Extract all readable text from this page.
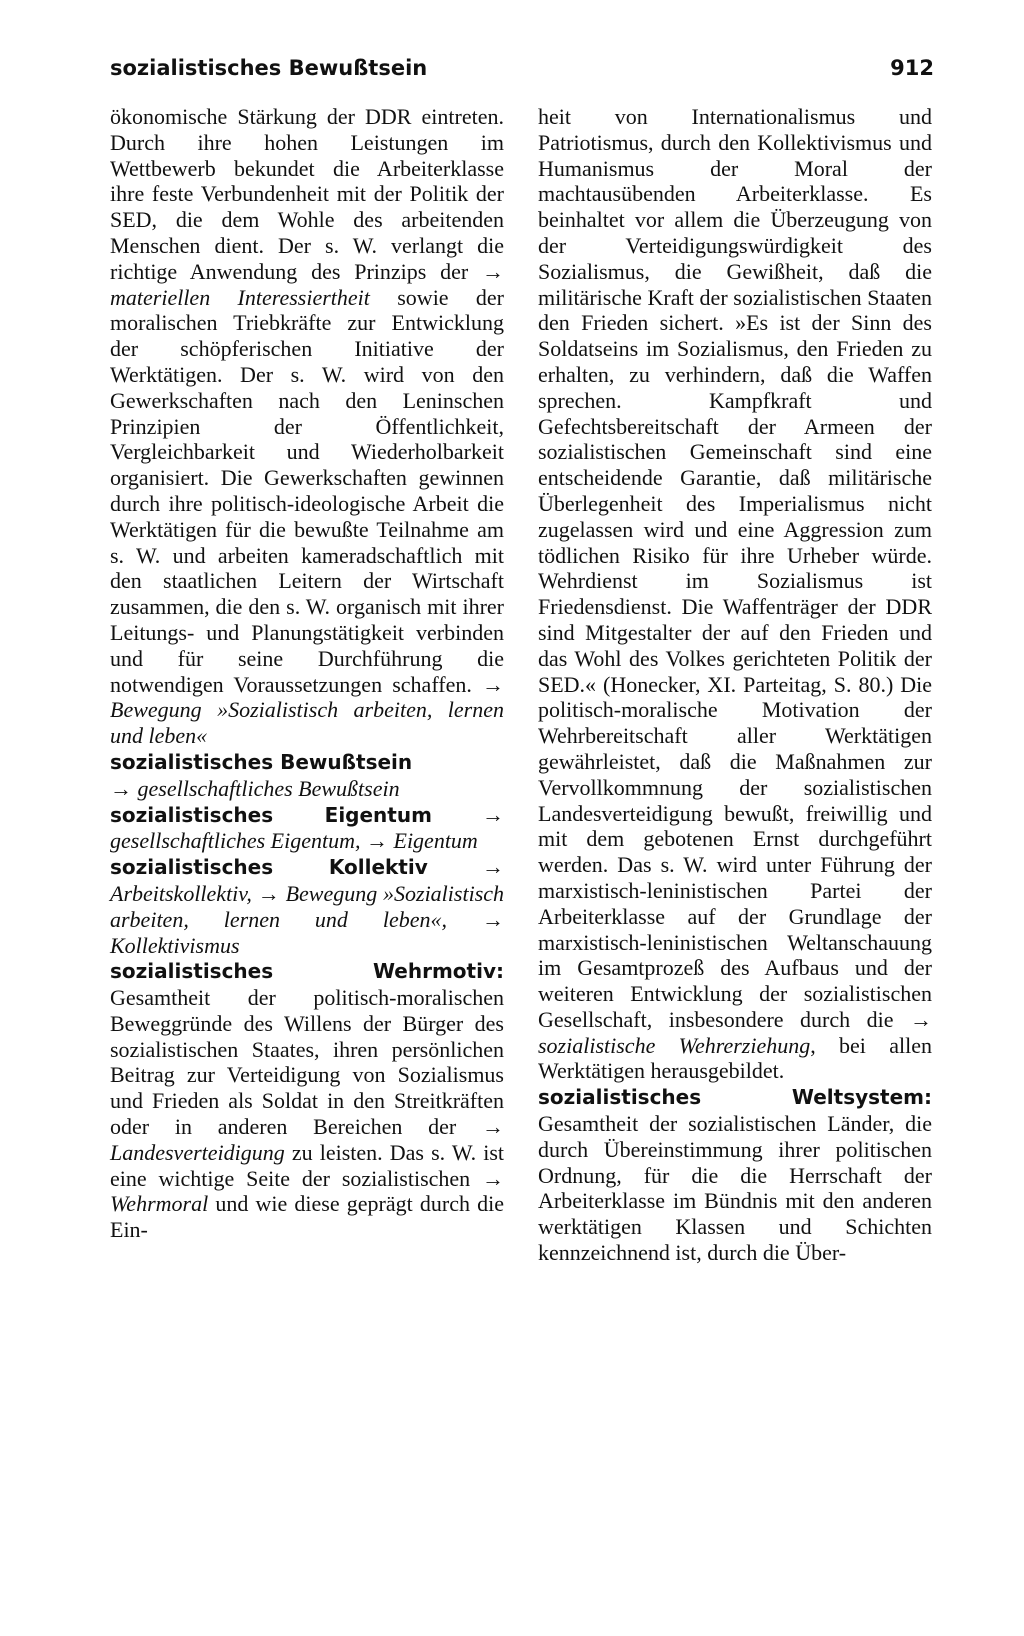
sozialistisches Bewußtsein	912

ökonomische Stärkung der DDR eintreten. Durch ihre hohen Leistungen im Wettbewerb bekundet die Arbeiterklasse ihre feste Verbundenheit mit der Politik der SED, die dem Wohle des arbeitenden Menschen dient. Der s. W. verlangt die richtige Anwendung des Prinzips der → materiellen Interessiertheit sowie der moralischen Triebkräfte zur Entwicklung der schöpferischen Initiative der Werktätigen. Der s. W. wird von den Gewerkschaften nach den Leninschen Prinzipien der Öffentlichkeit, Vergleichbarkeit und Wiederholbarkeit organisiert. Die Gewerkschaften gewinnen durch ihre politisch-ideologische Arbeit die Werktätigen für die bewußte Teilnahme am s. W. und arbeiten kameradschaftlich mit den staatlichen Leitern der Wirtschaft zusammen, die den s. W. organisch mit ihrer Leitungs- und Planungstätigkeit verbinden und für seine Durchführung die notwendigen Voraussetzungen schaffen. → Bewegung »Sozialistisch arbeiten, lernen und leben«

sozialistisches Bewußtsein
→ gesellschaftliches Bewußtsein

sozialistisches Eigentum → gesellschaftliches Eigentum, → Eigentum

sozialistisches Kollektiv → Arbeitskollektiv, → Bewegung »Sozialistisch arbeiten, lernen und leben«, → Kollektivismus

sozialistisches Wehrmotiv: Gesamtheit der politisch-moralischen Beweggründe des Willens der Bürger des sozialistischen Staates, ihren persönlichen Beitrag zur Verteidigung von Sozialismus und Frieden als Soldat in den Streitkräften oder in anderen Bereichen der → Landesverteidigung zu leisten. Das s. W. ist eine wichtige Seite der sozialistischen → Wehrmoral und wie diese geprägt durch die Ein-

heit von Internationalismus und Patriotismus, durch den Kollektivismus und Humanismus der Moral der machtausübenden Arbeiterklasse. Es beinhaltet vor allem die Überzeugung von der Verteidigungswürdigkeit des Sozialismus, die Gewißheit, daß die militärische Kraft der sozialistischen Staaten den Frieden sichert. »Es ist der Sinn des Soldatseins im Sozialismus, den Frieden zu erhalten, zu verhindern, daß die Waffen sprechen. Kampfkraft und Gefechtsbereitschaft der Armeen der sozialistischen Gemeinschaft sind eine entscheidende Garantie, daß militärische Überlegenheit des Imperialismus nicht zugelassen wird und eine Aggression zum tödlichen Risiko für ihre Urheber würde. Wehrdienst im Sozialismus ist Friedensdienst. Die Waffenträger der DDR sind Mitgestalter der auf den Frieden und das Wohl des Volkes gerichteten Politik der SED.« (Honecker, XI. Parteitag, S. 80.) Die politisch-moralische Motivation der Wehrbereitschaft aller Werktätigen gewährleistet, daß die Maßnahmen zur Vervollkommnung der sozialistischen Landesverteidigung bewußt, freiwillig und mit dem gebotenen Ernst durchgeführt werden. Das s. W. wird unter Führung der marxistisch-leninistischen Partei der Arbeiterklasse auf der Grundlage der marxistisch-leninistischen Weltanschauung im Gesamtprozeß des Aufbaus und der weiteren Entwicklung der sozialistischen Gesellschaft, insbesondere durch die → sozialistische Wehrerziehung, bei allen Werktätigen herausgebildet.

sozialistisches Weltsystem: Gesamtheit der sozialistischen Länder, die durch Übereinstimmung ihrer politischen Ordnung, für die die Herrschaft der Arbeiterklasse im Bündnis mit den anderen werktätigen Klassen und Schichten kennzeichnend ist, durch die Über-
